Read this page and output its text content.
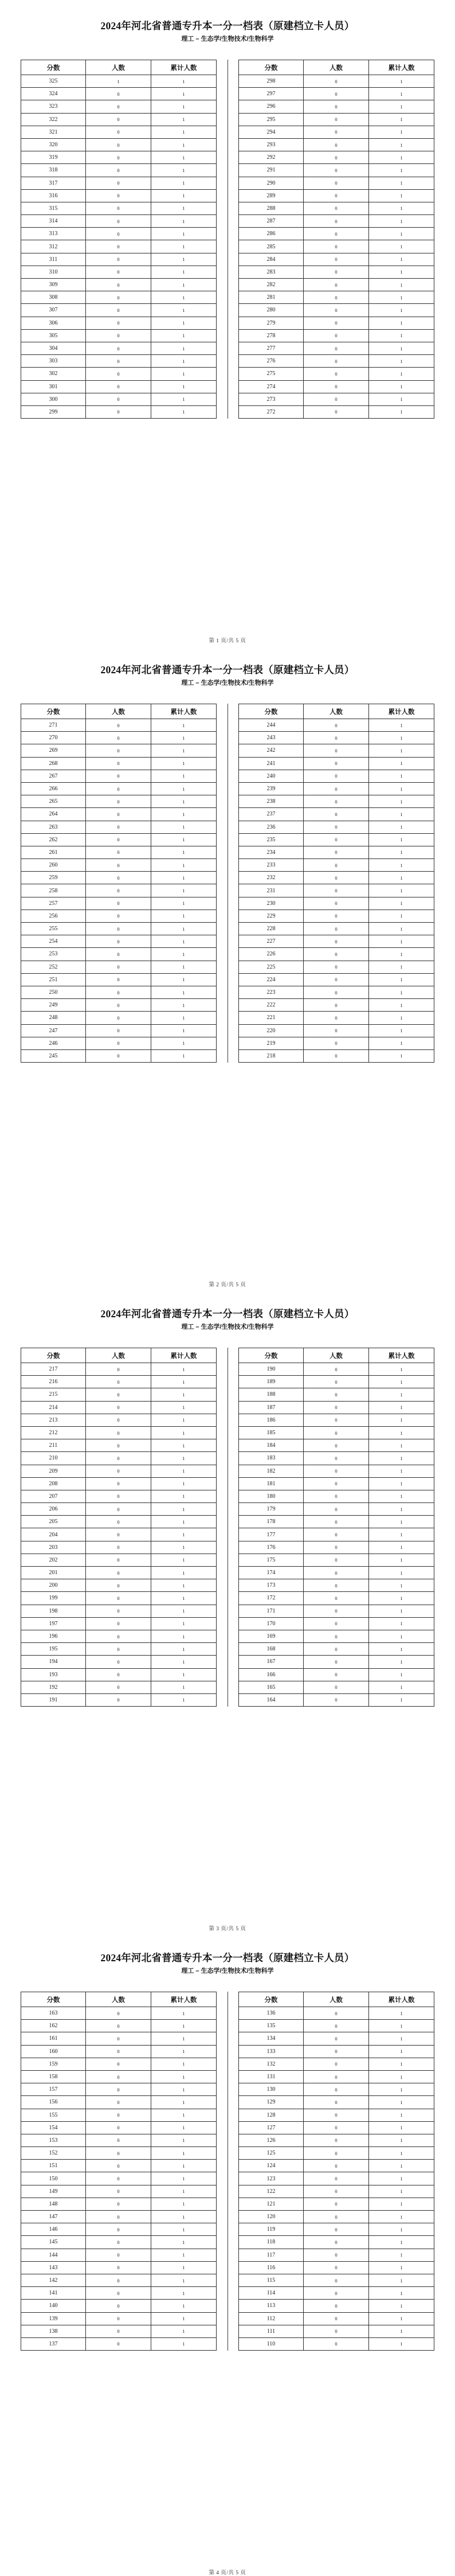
2024年河北省普通专升本一分一档表（原建档立卡人员）
理工 – 生态学/生物技术/生物科学
分数	人数	累计人数
325	1	1
324	0	1
323	0	1
322	0	1
321	0	1
320	0	1
319	0	1
318	0	1
317	0	1
316	0	1
315	0	1
314	0	1
313	0	1
312	0	1
311	0	1
310	0	1
309	0	1
308	0	1
307	0	1
306	0	1
305	0	1
304	0	1
303	0	1
302	0	1
301	0	1
300	0	1
299	0	1
分数	人数	累计人数
298	0	1
297	0	1
296	0	1
295	0	1
294	0	1
293	0	1
292	0	1
291	0	1
290	0	1
289	0	1
288	0	1
287	0	1
286	0	1
285	0	1
284	0	1
283	0	1
282	0	1
281	0	1
280	0	1
279	0	1
278	0	1
277	0	1
276	0	1
275	0	1
274	0	1
273	0	1
272	0	1
第 1 页/共 5 页
2024年河北省普通专升本一分一档表（原建档立卡人员）
理工 – 生态学/生物技术/生物科学
分数	人数	累计人数
271	0	1
270	0	1
269	0	1
268	0	1
267	0	1
266	0	1
265	0	1
264	0	1
263	0	1
262	0	1
261	0	1
260	0	1
259	0	1
258	0	1
257	0	1
256	0	1
255	0	1
254	0	1
253	0	1
252	0	1
251	0	1
250	0	1
249	0	1
248	0	1
247	0	1
246	0	1
245	0	1
分数	人数	累计人数
244	0	1
243	0	1
242	0	1
241	0	1
240	0	1
239	0	1
238	0	1
237	0	1
236	0	1
235	0	1
234	0	1
233	0	1
232	0	1
231	0	1
230	0	1
229	0	1
228	0	1
227	0	1
226	0	1
225	0	1
224	0	1
223	0	1
222	0	1
221	0	1
220	0	1
219	0	1
218	0	1
第 2 页/共 5 页
2024年河北省普通专升本一分一档表（原建档立卡人员）
理工 – 生态学/生物技术/生物科学
分数	人数	累计人数
217	0	1
216	0	1
215	0	1
214	0	1
213	0	1
212	0	1
211	0	1
210	0	1
209	0	1
208	0	1
207	0	1
206	0	1
205	0	1
204	0	1
203	0	1
202	0	1
201	0	1
200	0	1
199	0	1
198	0	1
197	0	1
196	0	1
195	0	1
194	0	1
193	0	1
192	0	1
191	0	1
分数	人数	累计人数
190	0	1
189	0	1
188	0	1
187	0	1
186	0	1
185	0	1
184	0	1
183	0	1
182	0	1
181	0	1
180	0	1
179	0	1
178	0	1
177	0	1
176	0	1
175	0	1
174	0	1
173	0	1
172	0	1
171	0	1
170	0	1
169	0	1
168	0	1
167	0	1
166	0	1
165	0	1
164	0	1
第 3 页/共 5 页
2024年河北省普通专升本一分一档表（原建档立卡人员）
理工 – 生态学/生物技术/生物科学
分数	人数	累计人数
163	0	1
162	0	1
161	0	1
160	0	1
159	0	1
158	0	1
157	0	1
156	0	1
155	0	1
154	0	1
153	0	1
152	0	1
151	0	1
150	0	1
149	0	1
148	0	1
147	0	1
146	0	1
145	0	1
144	0	1
143	0	1
142	0	1
141	0	1
140	0	1
139	0	1
138	0	1
137	0	1
分数	人数	累计人数
136	0	1
135	0	1
134	0	1
133	0	1
132	0	1
131	0	1
130	0	1
129	0	1
128	0	1
127	0	1
126	0	1
125	0	1
124	0	1
123	0	1
122	0	1
121	0	1
120	0	1
119	0	1
118	0	1
117	0	1
116	0	1
115	0	1
114	0	1
113	0	1
112	0	1
111	0	1
110	0	1
第 4 页/共 5 页
